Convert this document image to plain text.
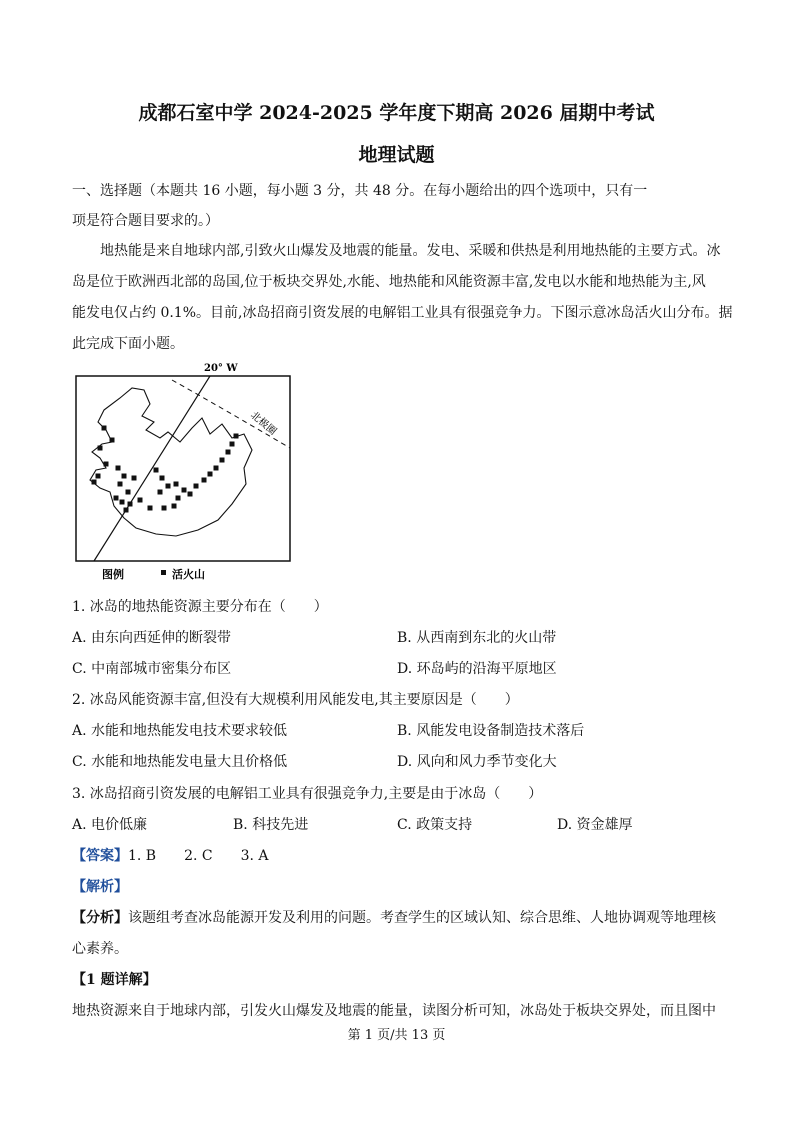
成都石室中学 2024-2025 学年度下期高 2026 届期中考试
地理试题
一、选择题（本题共 16 小题，每小题 3 分，共 48 分。在每小题给出的四个选项中，只有一
项是符合题目要求的。）
地热能是来自地球内部,引致火山爆发及地震的能量。发电、采暖和供热是利用地热能的主要方式。冰
岛是位于欧洲西北部的岛国,位于板块交界处,水能、地热能和风能资源丰富,发电以水能和地热能为主,风
能发电仅占约 0.1%。目前,冰岛招商引资发展的电解铝工业具有很强竞争力。下图示意冰岛活火山分布。据
此完成下面小题。
20° W
北极圈
图例	活火山
1. 冰岛的地热能资源主要分布在（　　）
A. 由东向西延伸的断裂带	B. 从西南到东北的火山带
C. 中南部城市密集分布区	D. 环岛屿的沿海平原地区
2. 冰岛风能资源丰富,但没有大规模利用风能发电,其主要原因是（　　）
A. 水能和地热能发电技术要求较低	B. 风能发电设备制造技术落后
C. 水能和地热能发电量大且价格低	D. 风向和风力季节变化大
3. 冰岛招商引资发展的电解铝工业具有很强竞争力,主要是由于冰岛（　　）
A. 电价低廉	B. 科技先进	C. 政策支持	D. 资金雄厚
【答案】1. B　　2. C　　3. A
【解析】
【分析】该题组考查冰岛能源开发及利用的问题。考查学生的区域认知、综合思维、人地协调观等地理核
心素养。
【1 题详解】
地热资源来自于地球内部，引发火山爆发及地震的能量，读图分析可知，冰岛处于板块交界处，而且图中
第 1 页/共 13 页
